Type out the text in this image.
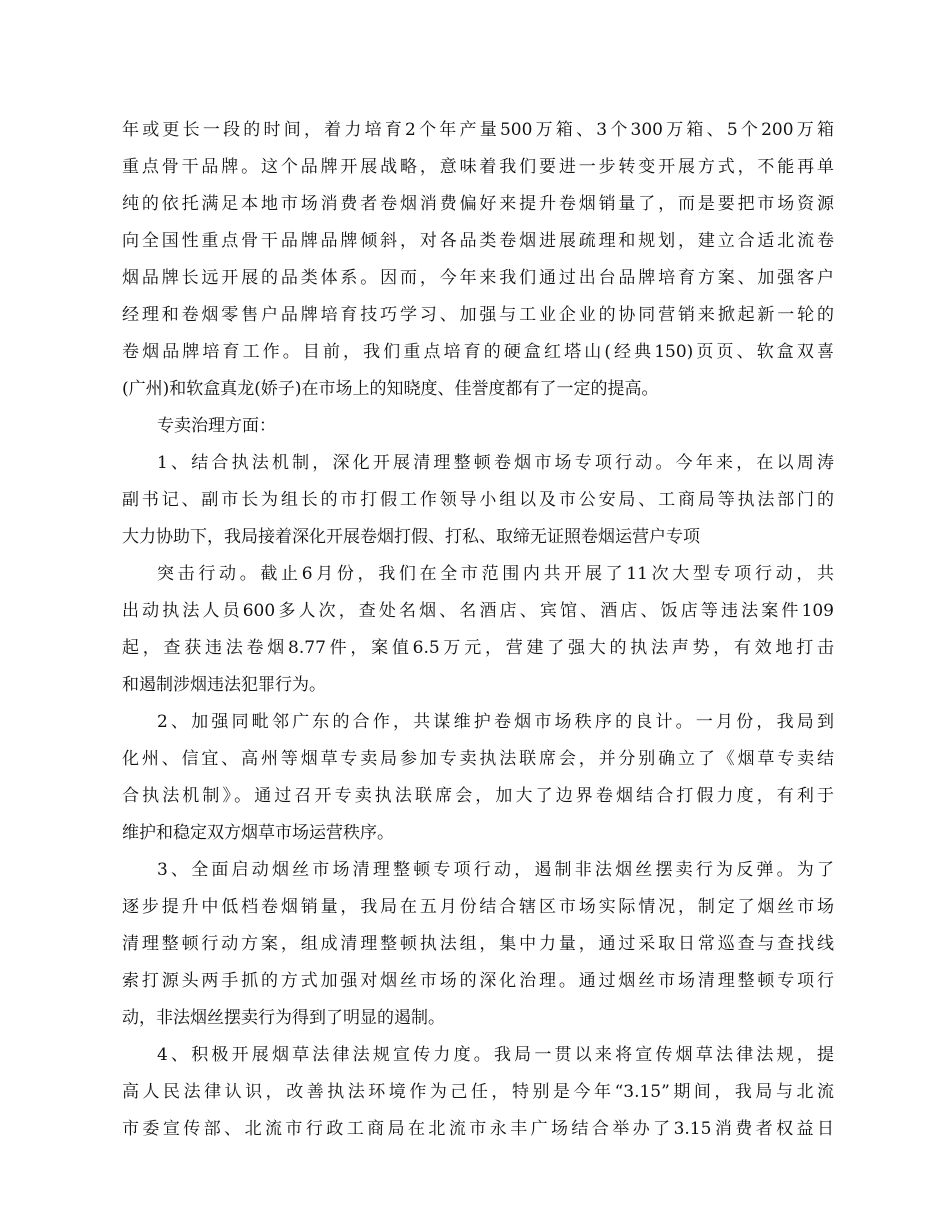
年或更长一段的时间，着力培育2个年产量500万箱、3个300万箱、5个200万箱
重点骨干品牌。这个品牌开展战略，意味着我们要进一步转变开展方式，不能再单
纯的依托满足本地市场消费者卷烟消费偏好来提升卷烟销量了，而是要把市场资源
向全国性重点骨干品牌品牌倾斜，对各品类卷烟进展疏理和规划，建立合适北流卷
烟品牌长远开展的品类体系。因而，今年来我们通过出台品牌培育方案、加强客户
经理和卷烟零售户品牌培育技巧学习、加强与工业企业的协同营销来掀起新一轮的
卷烟品牌培育工作。目前，我们重点培育的硬盒红塔山(经典150)页页、软盒双喜
(广州)和软盒真龙(娇子)在市场上的知晓度、佳誉度都有了一定的提高。
专卖治理方面：
1、结合执法机制，深化开展清理整顿卷烟市场专项行动。今年来，在以周涛
副书记、副市长为组长的市打假工作领导小组以及市公安局、工商局等执法部门的
大力协助下，我局接着深化开展卷烟打假、打私、取缔无证照卷烟运营户专项
突击行动。截止6月份，我们在全市范围内共开展了11次大型专项行动，共
出动执法人员600多人次，查处名烟、名酒店、宾馆、酒店、饭店等违法案件109
起，查获违法卷烟8.77件，案值6.5万元，营建了强大的执法声势，有效地打击
和遏制涉烟违法犯罪行为。
2、加强同毗邻广东的合作，共谋维护卷烟市场秩序的良计。一月份，我局到
化州、信宜、高州等烟草专卖局参加专卖执法联席会，并分别确立了《烟草专卖结
合执法机制》。通过召开专卖执法联席会，加大了边界卷烟结合打假力度，有利于
维护和稳定双方烟草市场运营秩序。
3、全面启动烟丝市场清理整顿专项行动，遏制非法烟丝摆卖行为反弹。为了
逐步提升中低档卷烟销量，我局在五月份结合辖区市场实际情况，制定了烟丝市场
清理整顿行动方案，组成清理整顿执法组，集中力量，通过采取日常巡查与查找线
索打源头两手抓的方式加强对烟丝市场的深化治理。通过烟丝市场清理整顿专项行
动，非法烟丝摆卖行为得到了明显的遏制。
4、积极开展烟草法律法规宣传力度。我局一贯以来将宣传烟草法律法规，提
高人民法律认识，改善执法环境作为己任，特别是今年“3.15”期间，我局与北流
市委宣传部、北流市行政工商局在北流市永丰广场结合举办了3.15消费者权益日
